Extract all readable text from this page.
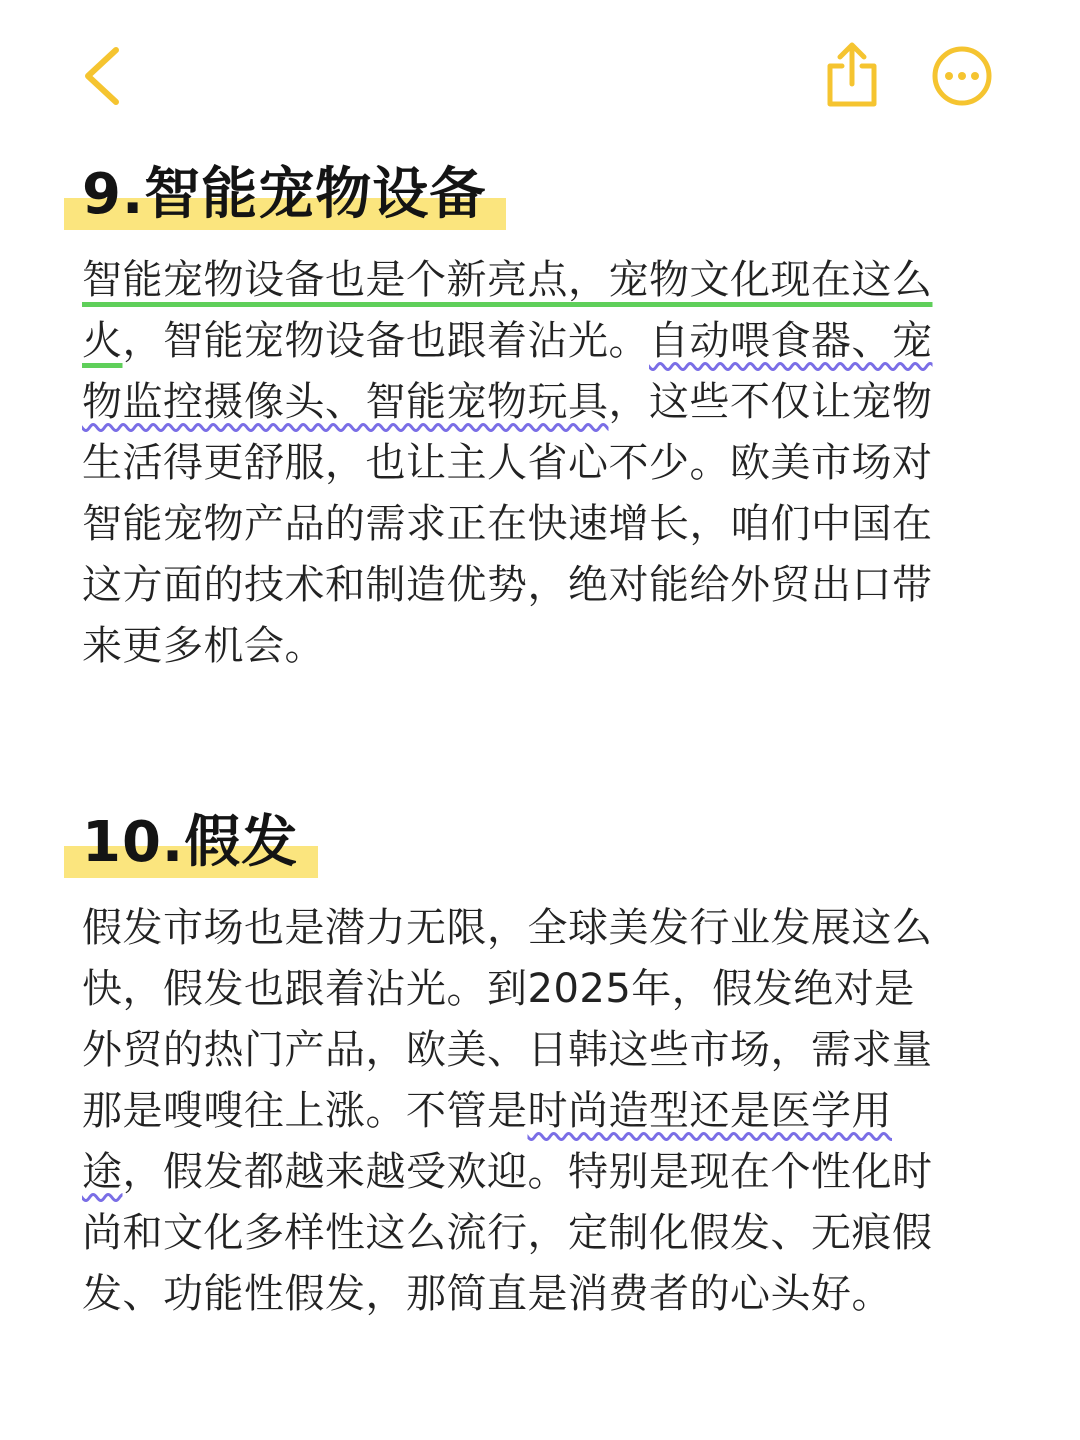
9.智能宠物设备

智能宠物设备也是个新亮点，宠物文化现在这么
火，智能宠物设备也跟着沾光。自动喂食器、宠
物监控摄像头、智能宠物玩具，这些不仅让宠物
生活得更舒服，也让主人省心不少。欧美市场对
智能宠物产品的需求正在快速增长，咱们中国在
这方面的技术和制造优势，绝对能给外贸出口带
来更多机会。

10.假发

假发市场也是潜力无限，全球美发行业发展这么
快，假发也跟着沾光。到2025年，假发绝对是
外贸的热门产品，欧美、日韩这些市场，需求量
那是嗖嗖往上涨。不管是时尚造型还是医学用
途，假发都越来越受欢迎。特别是现在个性化时
尚和文化多样性这么流行，定制化假发、无痕假
发、功能性假发，那简直是消费者的心头好。
